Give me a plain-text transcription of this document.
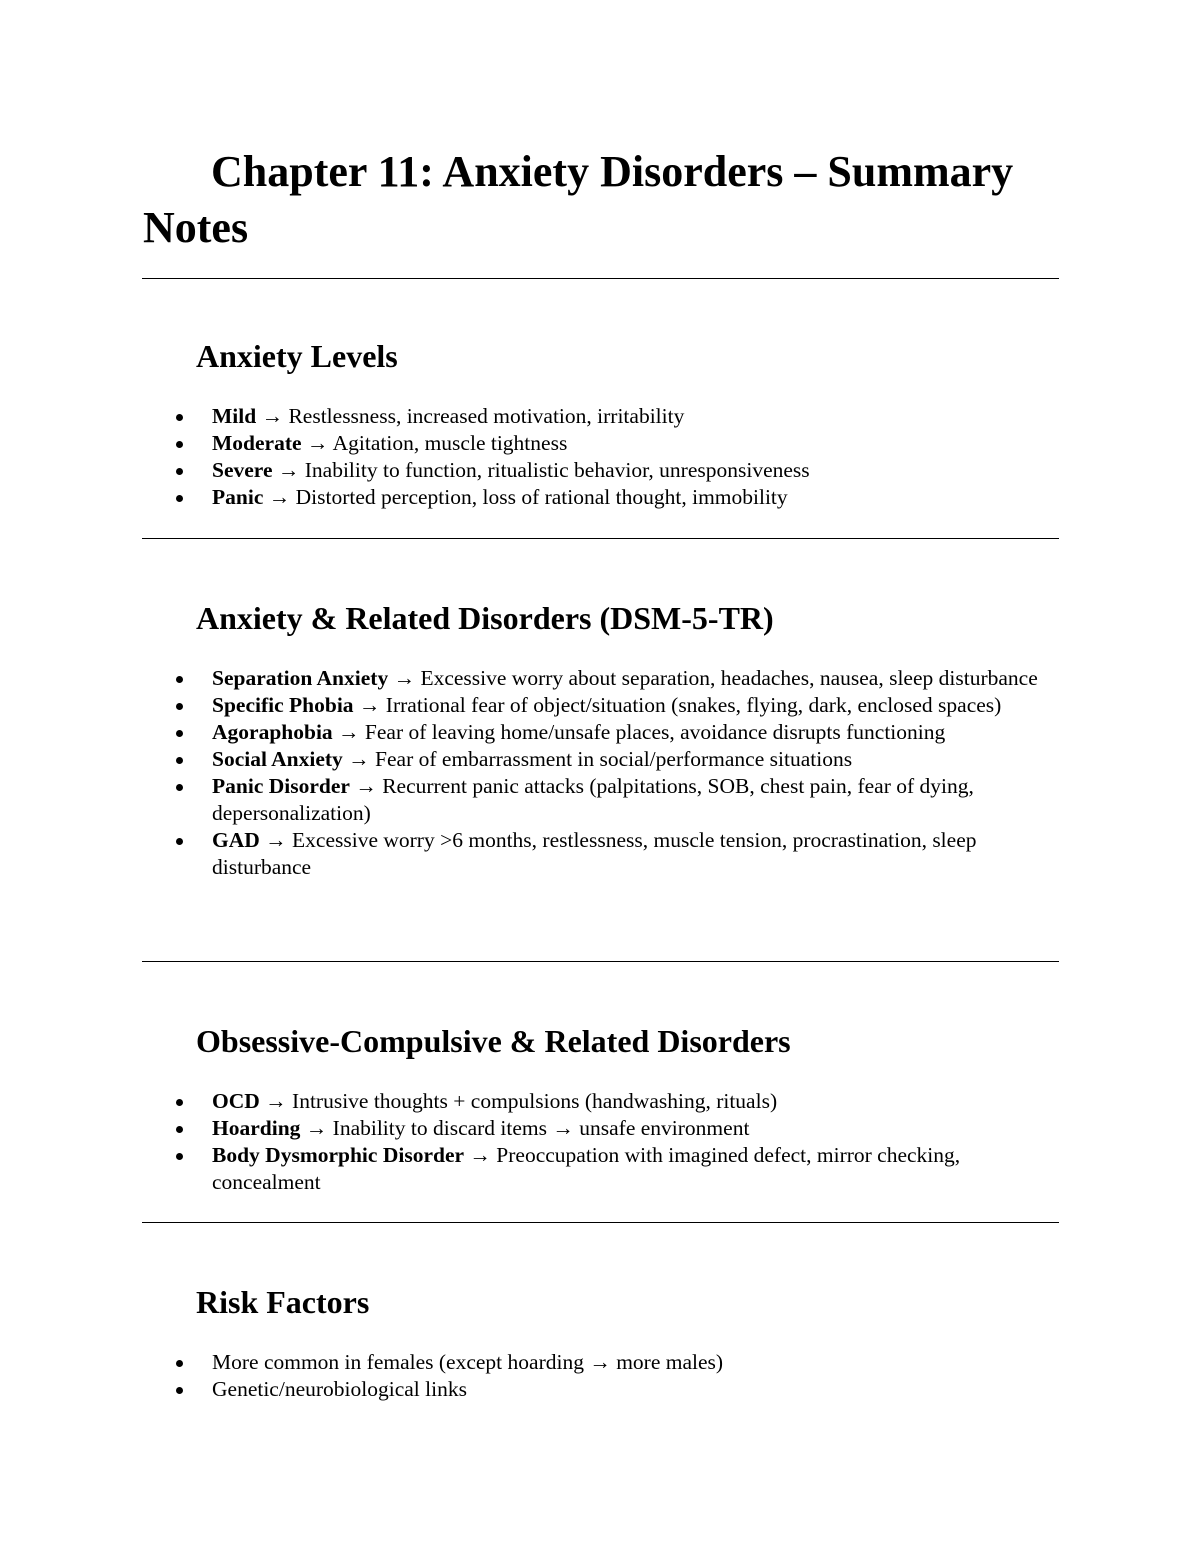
Chapter 11: Anxiety Disorders – Summary Notes
Anxiety Levels
Mild → Restlessness, increased motivation, irritability
Moderate → Agitation, muscle tightness
Severe → Inability to function, ritualistic behavior, unresponsiveness
Panic → Distorted perception, loss of rational thought, immobility
Anxiety & Related Disorders (DSM-5-TR)
Separation Anxiety → Excessive worry about separation, headaches, nausea, sleep disturbance
Specific Phobia → Irrational fear of object/situation (snakes, flying, dark, enclosed spaces)
Agoraphobia → Fear of leaving home/unsafe places, avoidance disrupts functioning
Social Anxiety → Fear of embarrassment in social/performance situations
Panic Disorder → Recurrent panic attacks (palpitations, SOB, chest pain, fear of dying, depersonalization)
GAD → Excessive worry >6 months, restlessness, muscle tension, procrastination, sleep disturbance
Obsessive-Compulsive & Related Disorders
OCD → Intrusive thoughts + compulsions (handwashing, rituals)
Hoarding → Inability to discard items → unsafe environment
Body Dysmorphic Disorder → Preoccupation with imagined defect, mirror checking, concealment
Risk Factors
More common in females (except hoarding → more males)
Genetic/neurobiological links
